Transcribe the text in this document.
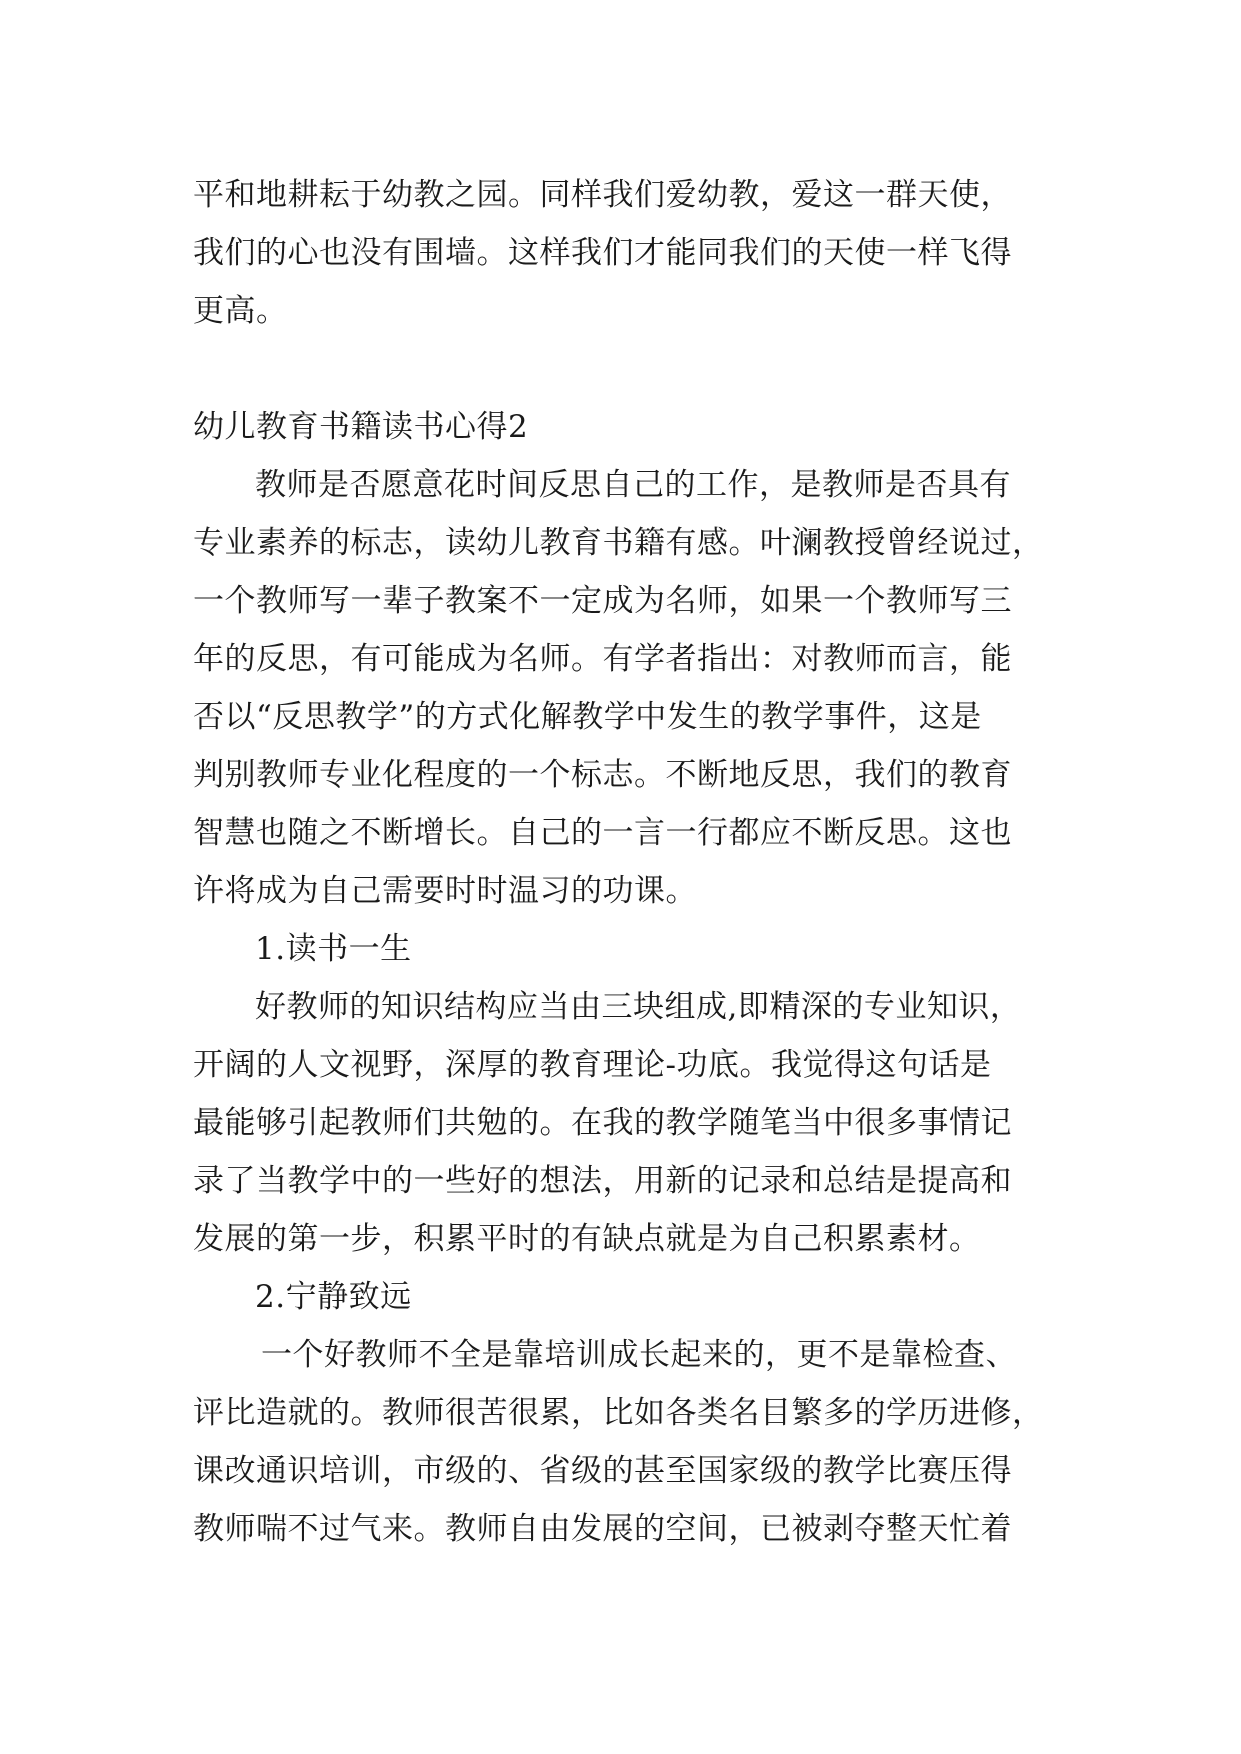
平和地耕耘于幼教之园。同样我们爱幼教，爱这一群天使，
我们的心也没有围墙。这样我们才能同我们的天使一样飞得
更高。
幼儿教育书籍读书心得2
教师是否愿意花时间反思自己的工作，是教师是否具有
专业素养的标志，读幼儿教育书籍有感。叶澜教授曾经说过，
一个教师写一辈子教案不一定成为名师，如果一个教师写三
年的反思，有可能成为名师。有学者指出：对教师而言，能
否以“反思教学”的方式化解教学中发生的教学事件，这是
判别教师专业化程度的一个标志。不断地反思，我们的教育
智慧也随之不断增长。自己的一言一行都应不断反思。这也
许将成为自己需要时时温习的功课。
1.读书一生
好教师的知识结构应当由三块组成,即精深的专业知识，
开阔的人文视野，深厚的教育理论-功底。我觉得这句话是
最能够引起教师们共勉的。在我的教学随笔当中很多事情记
录了当教学中的一些好的想法，用新的记录和总结是提高和
发展的第一步，积累平时的有缺点就是为自己积累素材。
2.宁静致远
一个好教师不全是靠培训成长起来的，更不是靠检查、
评比造就的。教师很苦很累，比如各类名目繁多的学历进修，
课改通识培训，市级的、省级的甚至国家级的教学比赛压得
教师喘不过气来。教师自由发展的空间，已被剥夺整天忙着
